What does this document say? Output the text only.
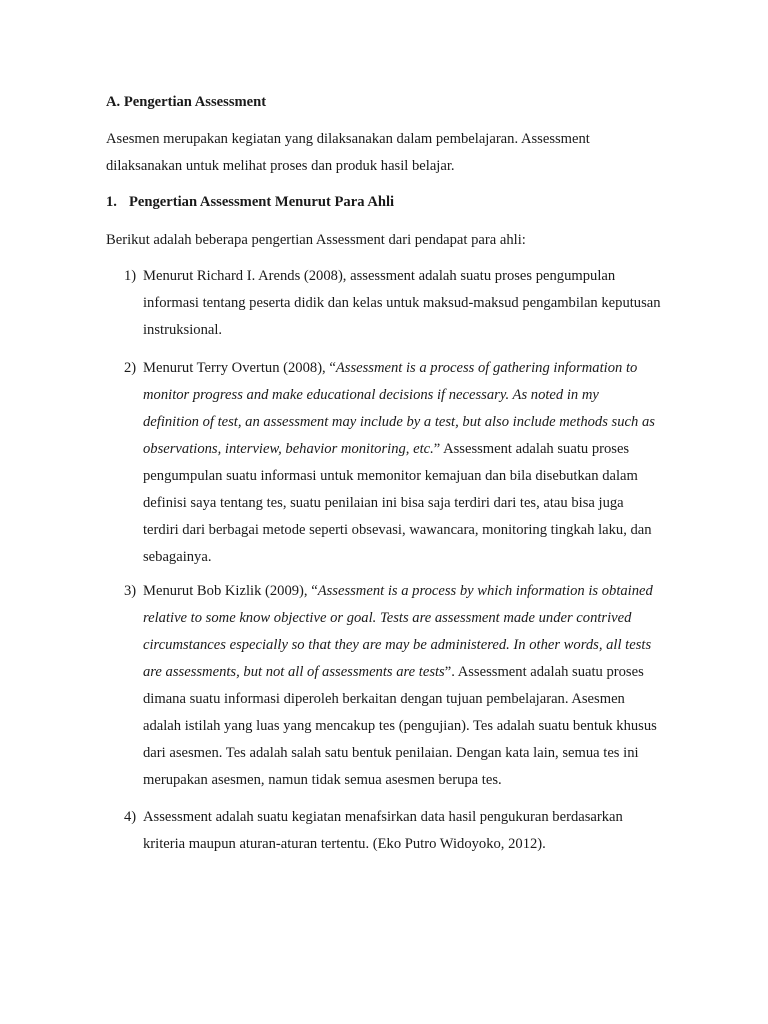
A. Pengertian Assessment

Asesmen merupakan kegiatan yang dilaksanakan dalam pembelajaran. Assessment
dilaksanakan untuk melihat proses dan produk hasil belajar.

1. Pengertian Assessment Menurut Para Ahli

Berikut adalah beberapa pengertian Assessment dari pendapat para ahli:

1) Menurut Richard I. Arends (2008), assessment adalah suatu proses pengumpulan
informasi tentang peserta didik dan kelas untuk maksud-maksud pengambilan keputusan
instruksional.
2) Menurut Terry Overtun (2008), “Assessment is a process of gathering information to
monitor progress and make educational decisions if necessary. As noted in my
definition of test, an assessment may include by a test, but also include methods such as
observations, interview, behavior monitoring, etc.” Assessment adalah suatu proses
pengumpulan suatu informasi untuk memonitor kemajuan dan bila disebutkan dalam
definisi saya tentang tes, suatu penilaian ini bisa saja terdiri dari tes, atau bisa juga
terdiri dari berbagai metode seperti obsevasi, wawancara, monitoring tingkah laku, dan
sebagainya.
3) Menurut Bob Kizlik (2009), “Assessment is a process by which information is obtained
relative to some know objective or goal. Tests are assessment made under contrived
circumstances especially so that they are may be administered. In other words, all tests
are assessments, but not all of assessments are tests”. Assessment adalah suatu proses
dimana suatu informasi diperoleh berkaitan dengan tujuan pembelajaran. Asesmen
adalah istilah yang luas yang mencakup tes (pengujian). Tes adalah suatu bentuk khusus
dari asesmen. Tes adalah salah satu bentuk penilaian. Dengan kata lain, semua tes ini
merupakan asesmen, namun tidak semua asesmen berupa tes.
4) Assessment adalah suatu kegiatan menafsirkan data hasil pengukuran berdasarkan
kriteria maupun aturan-aturan tertentu. (Eko Putro Widoyoko, 2012).
